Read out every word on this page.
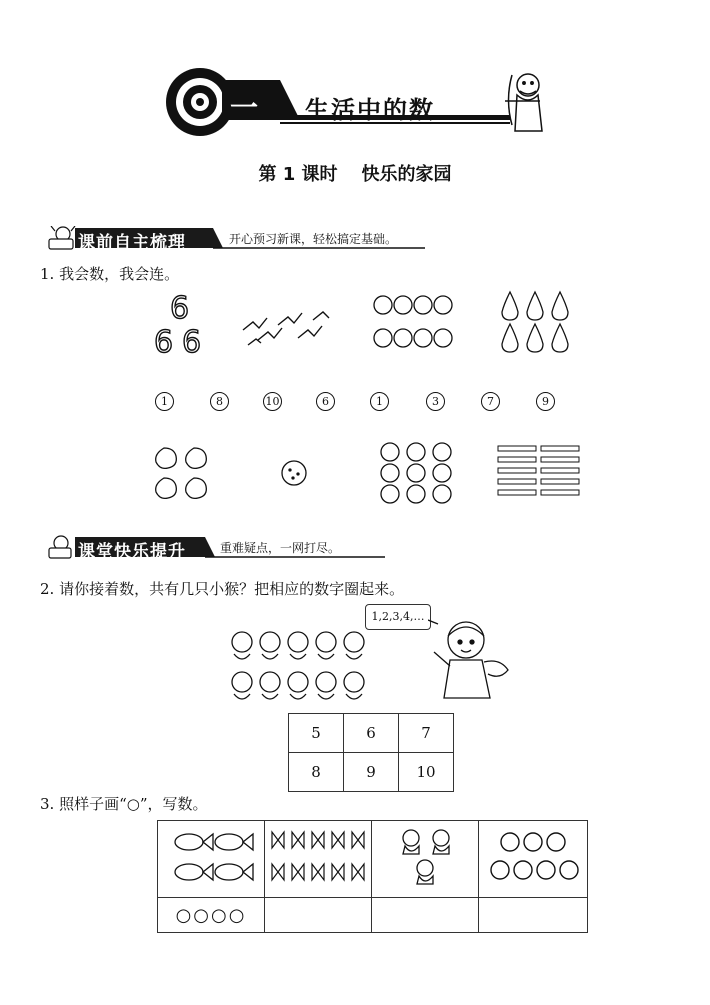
一 生活中的数
第 1 课时 快乐的家园
课前自主梳理	开心预习新课，轻松搞定基础。
1. 我会数，我会连。
6
6 6
1	8	10	6	1	3	7	9
课堂快乐提升	重难疑点，一网打尽。
2. 请你接着数，共有几只小猴？把相应的数字圈起来。
1,2,3,4,…
5	6	7
8	9	10
3. 照样子画“○”，写数。

○○○○			
